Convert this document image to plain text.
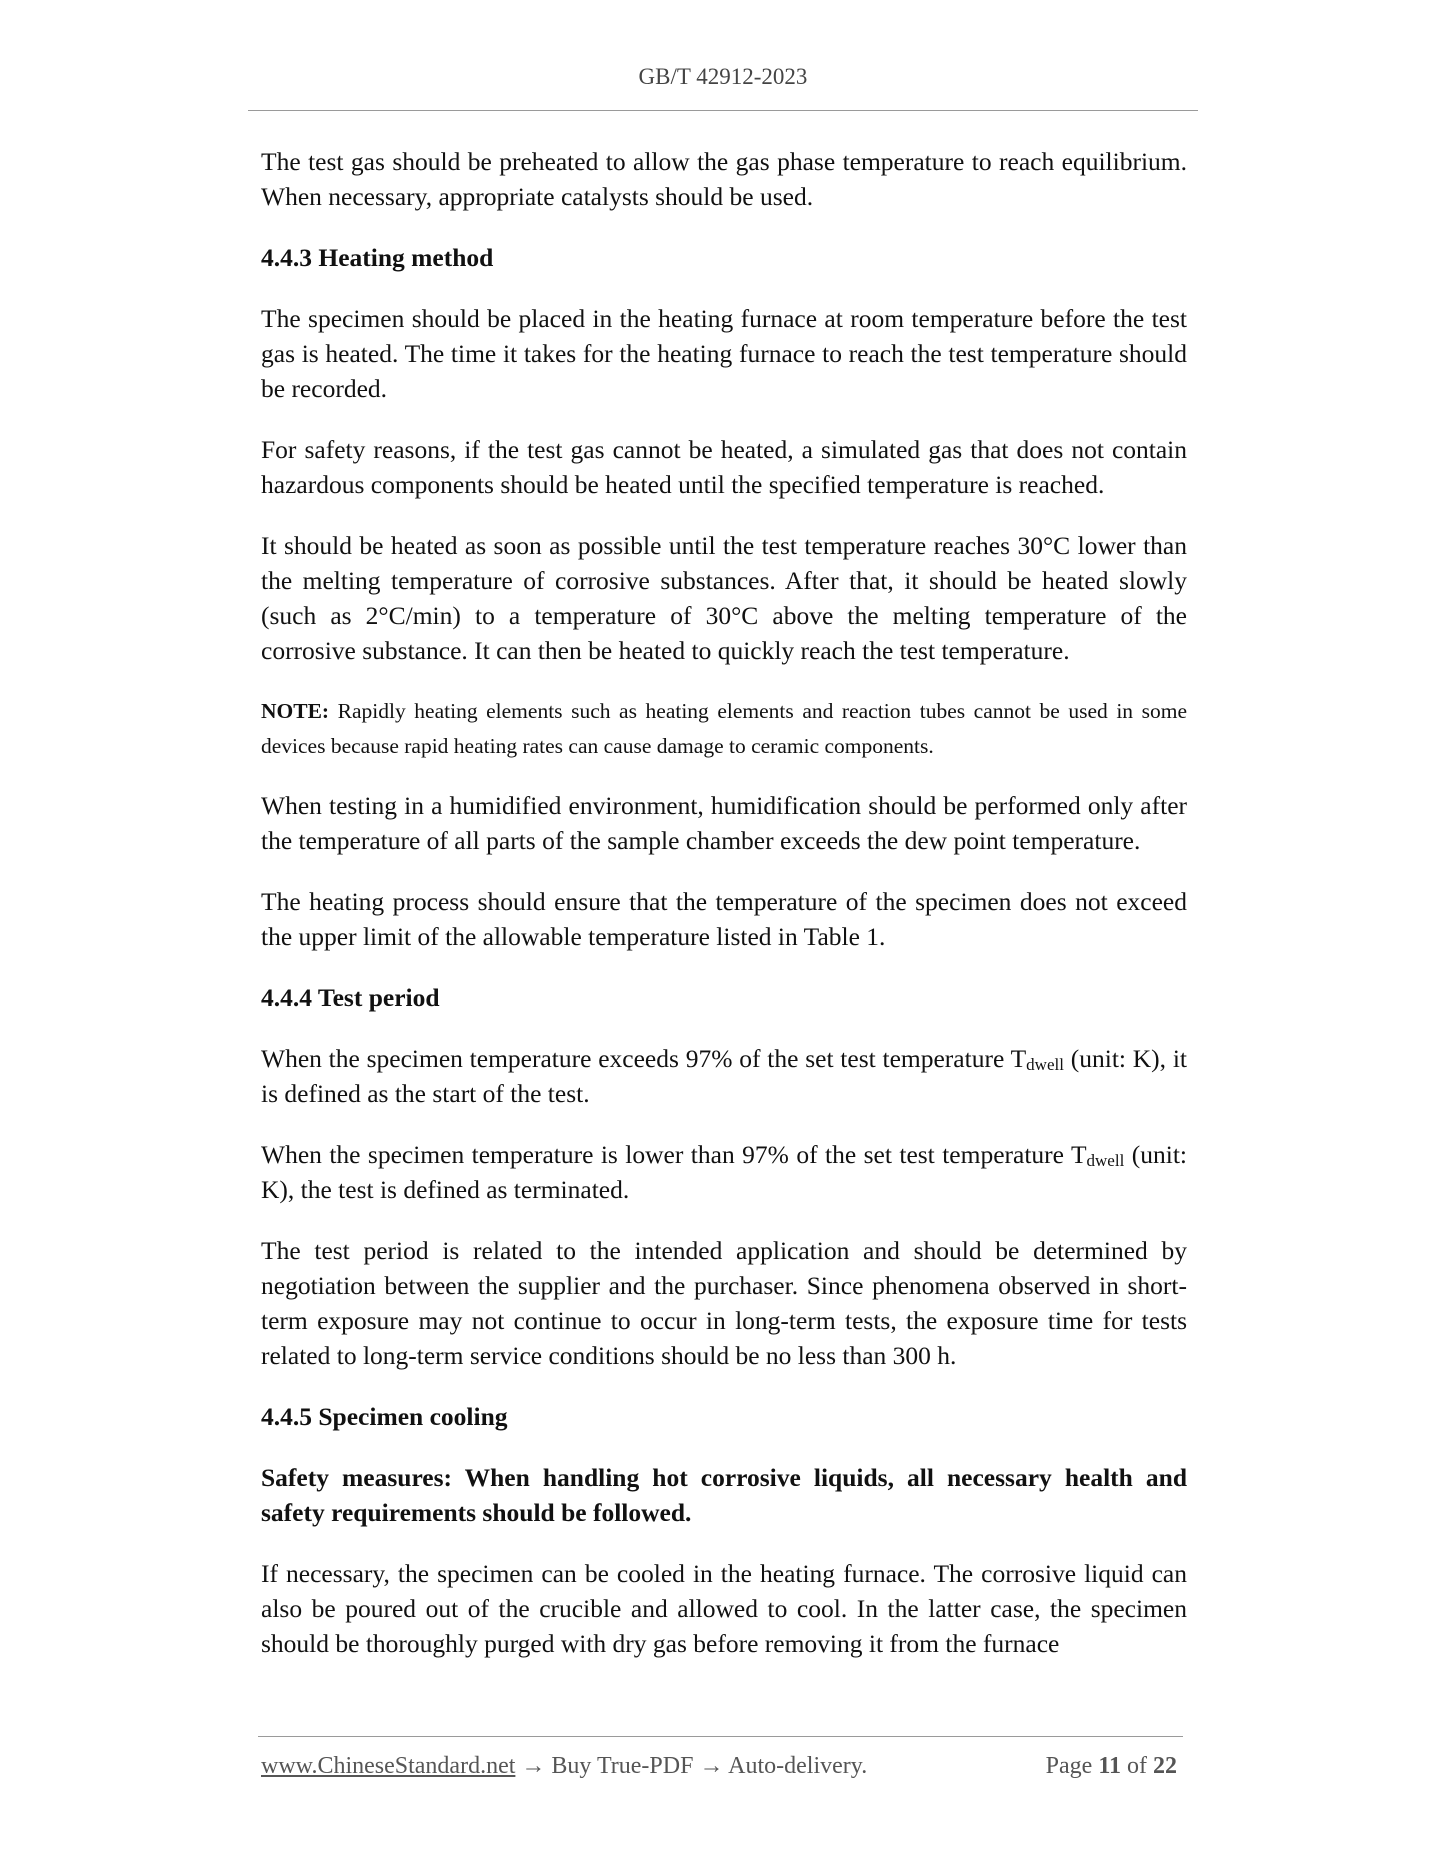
GB/T 42912-2023

The test gas should be preheated to allow the gas phase temperature to reach equilibrium. When necessary, appropriate catalysts should be used.

4.4.3 Heating method

The specimen should be placed in the heating furnace at room temperature before the test gas is heated. The time it takes for the heating furnace to reach the test temperature should be recorded.

For safety reasons, if the test gas cannot be heated, a simulated gas that does not contain hazardous components should be heated until the specified temperature is reached.

It should be heated as soon as possible until the test temperature reaches 30°C lower than the melting temperature of corrosive substances. After that, it should be heated slowly (such as 2°C/min) to a temperature of 30°C above the melting temperature of the corrosive substance. It can then be heated to quickly reach the test temperature.

NOTE: Rapidly heating elements such as heating elements and reaction tubes cannot be used in some devices because rapid heating rates can cause damage to ceramic components.

When testing in a humidified environment, humidification should be performed only after the temperature of all parts of the sample chamber exceeds the dew point temperature.

The heating process should ensure that the temperature of the specimen does not exceed the upper limit of the allowable temperature listed in Table 1.

4.4.4 Test period

When the specimen temperature exceeds 97% of the set test temperature $T_{dwell}$ (unit: K), it is defined as the start of the test.

When the specimen temperature is lower than 97% of the set test temperature $T_{dwell}$ (unit: K), the test is defined as terminated.

The test period is related to the intended application and should be determined by negotiation between the supplier and the purchaser. Since phenomena observed in short-term exposure may not continue to occur in long-term tests, the exposure time for tests related to long-term service conditions should be no less than 300 h.

4.4.5 Specimen cooling

Safety measures: When handling hot corrosive liquids, all necessary health and safety requirements should be followed.

If necessary, the specimen can be cooled in the heating furnace. The corrosive liquid can also be poured out of the crucible and allowed to cool. In the latter case, the specimen should be thoroughly purged with dry gas before removing it from the furnace

www.ChineseStandard.net → Buy True-PDF → Auto-delivery.	Page 11 of 22
